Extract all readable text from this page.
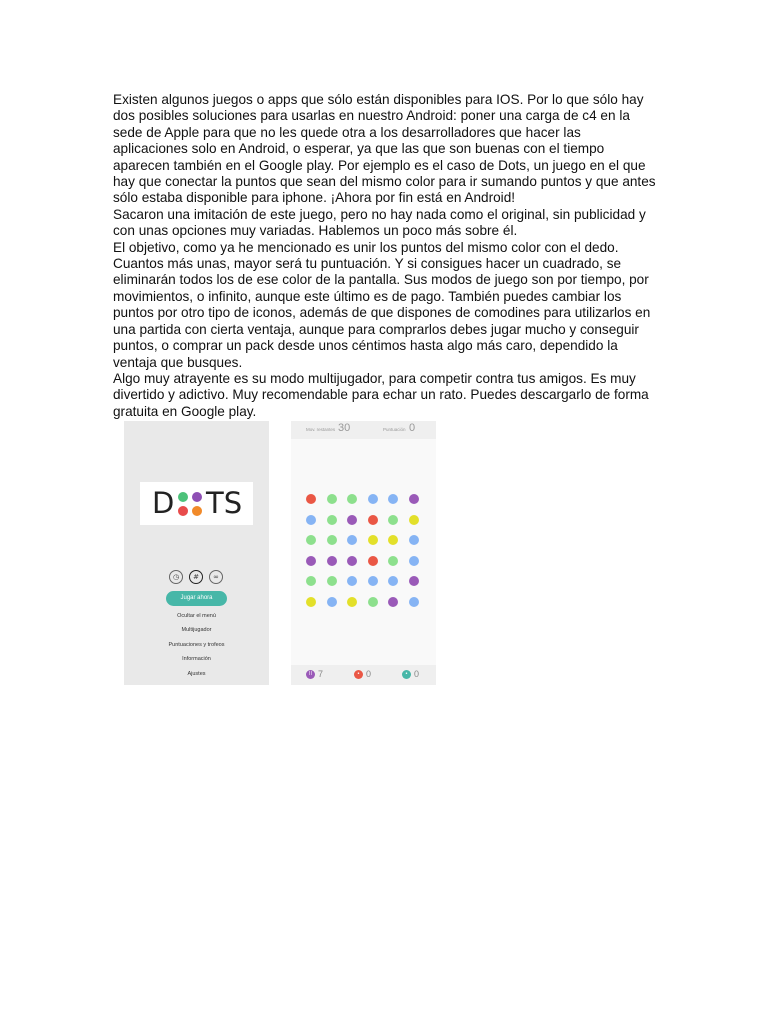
Existen algunos juegos o apps que sólo están disponibles para IOS. Por lo que sólo hay dos posibles soluciones para usarlas en nuestro Android: poner una carga de c4 en la sede de Apple para que no les quede otra a los desarrolladores que hacer las aplicaciones solo en Android, o esperar, ya que las que son buenas con el tiempo aparecen también en el Google play. Por ejemplo es el caso de Dots, un juego en el que hay que conectar la puntos que sean del mismo color para ir sumando puntos y que antes sólo estaba disponible para iphone. ¡Ahora por fin está en Android!

Sacaron una imitación de este juego, pero no hay nada como el original, sin publicidad y con unas opciones muy variadas. Hablemos un poco más sobre él.

El objetivo, como ya he mencionado es unir los puntos del mismo color con el dedo. Cuantos más unas, mayor será tu puntuación. Y si consigues hacer un cuadrado, se eliminarán todos los de ese color de la pantalla. Sus modos de juego son por tiempo, por movimientos, o infinito, aunque este último es de pago. También puedes cambiar los puntos por otro tipo de iconos, además de que dispones de comodines para utilizarlos en una partida con cierta ventaja, aunque para comprarlos debes jugar mucho y conseguir puntos, o comprar un pack desde unos céntimos hasta algo más caro, dependido la ventaja que busques.

Algo muy atrayente es su modo multijugador, para competir contra tus amigos. Es muy divertido y adictivo. Muy recomendable para echar un rato. Puedes descargarlo de forma gratuita en Google play.

D TS
◷	#	∞
Jugar ahora
Ocultar el menú
Multijugador
Puntuaciones y trofeos
Información
Ajustes
Mov. restantes 30	Puntuación 0
II 7	• 0	• 0
